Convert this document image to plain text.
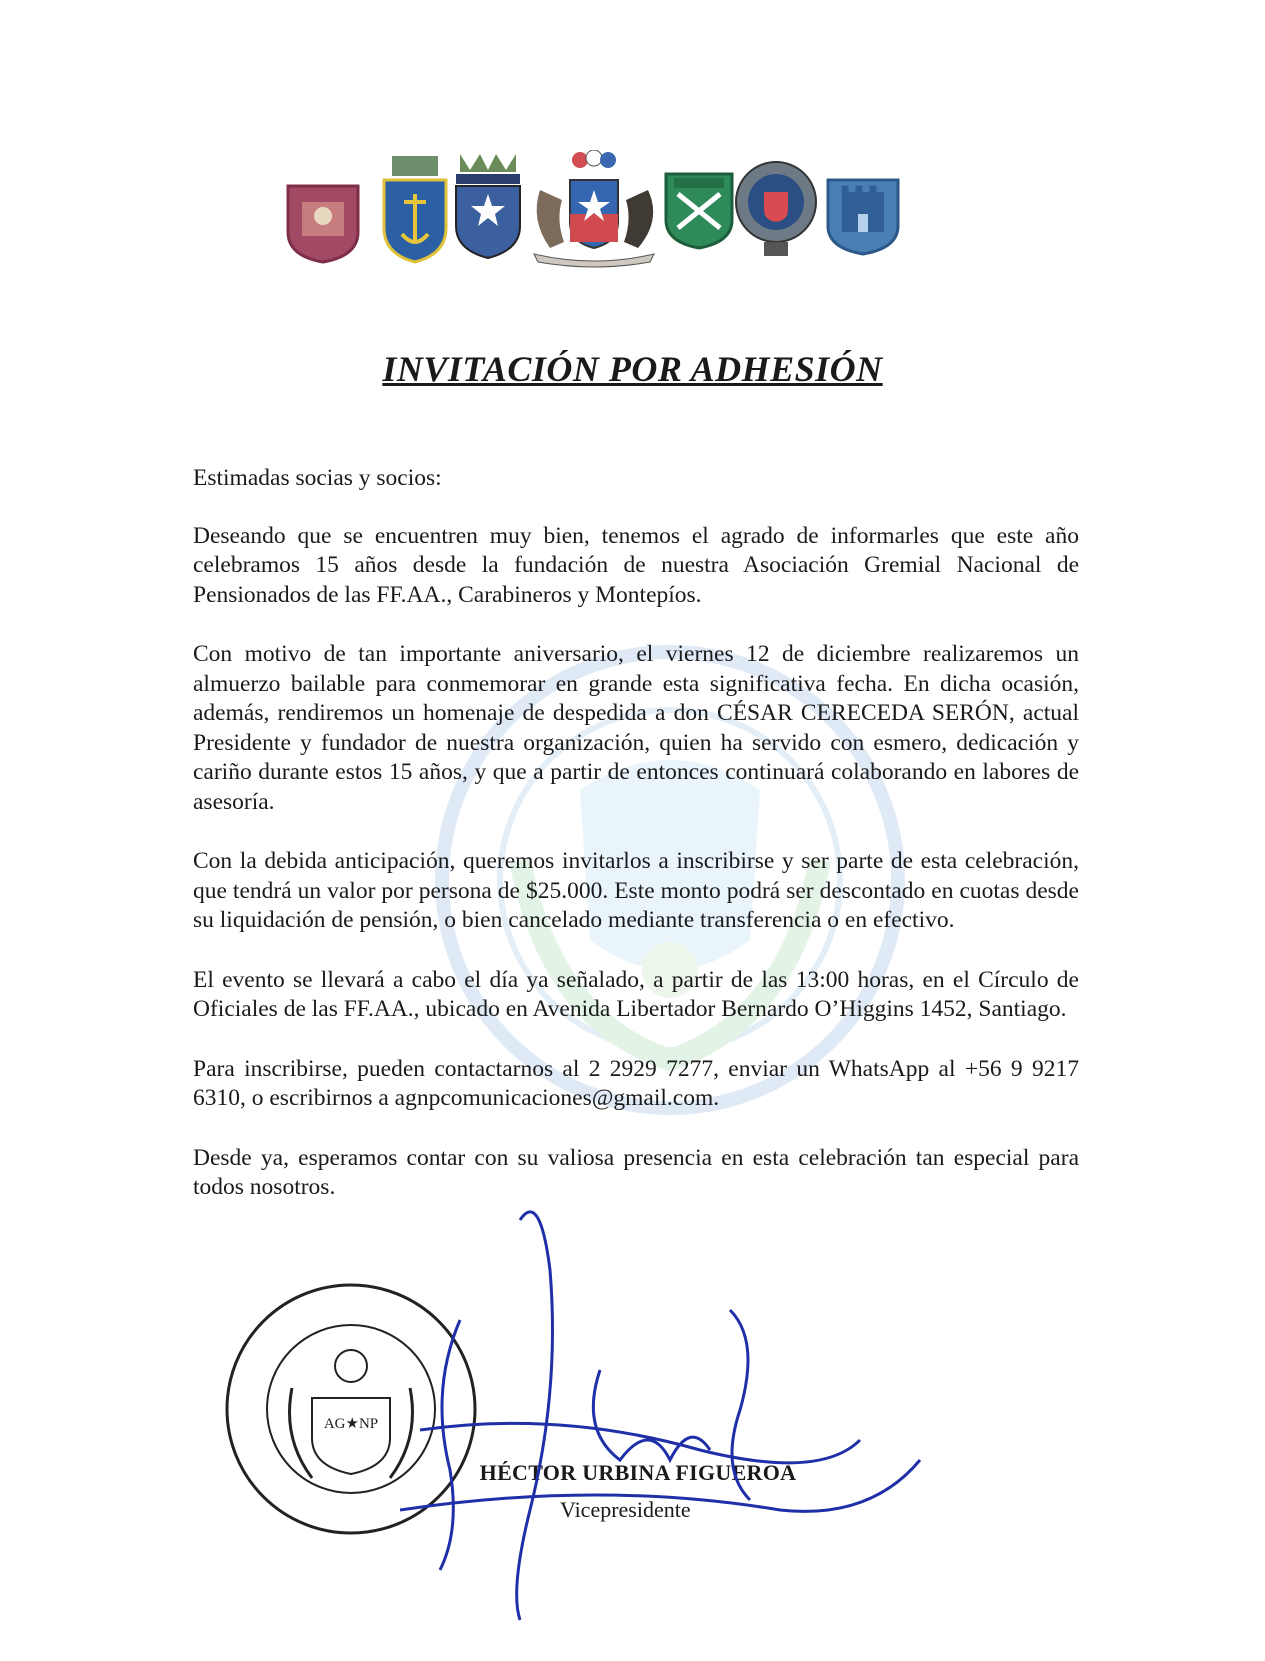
INVITACIÓN POR ADHESIÓN

Estimadas socias y socios:

Deseando que se encuentren muy bien, tenemos el agrado de informarles que este año celebramos 15 años desde la fundación de nuestra Asociación Gremial Nacional de Pensionados de las FF.AA., Carabineros y Montepíos.

Con motivo de tan importante aniversario, el viernes 12 de diciembre realizaremos un almuerzo bailable para conmemorar en grande esta significativa fecha. En dicha ocasión, además, rendiremos un homenaje de despedida a don CÉSAR CERECEDA SERÓN, actual Presidente y fundador de nuestra organización, quien ha servido con esmero, dedicación y cariño durante estos 15 años, y que a partir de entonces continuará colaborando en labores de asesoría.

Con la debida anticipación, queremos invitarlos a inscribirse y ser parte de esta celebración, que tendrá un valor por persona de $25.000. Este monto podrá ser descontado en cuotas desde su liquidación de pensión, o bien cancelado mediante transferencia o en efectivo.

El evento se llevará a cabo el día ya señalado, a partir de las 13:00 horas, en el Círculo de Oficiales de las FF.AA., ubicado en Avenida Libertador Bernardo O’Higgins 1452, Santiago.

Para inscribirse, pueden contactarnos al 2 2929 7277, enviar un WhatsApp al +56 9 9217 6310, o escribirnos a agnpcomunicaciones@gmail.com.

Desde ya, esperamos contar con su valiosa presencia en esta celebración tan especial para todos nosotros.

AG★NP
HÉCTOR URBINA FIGUEROA
Vicepresidente
